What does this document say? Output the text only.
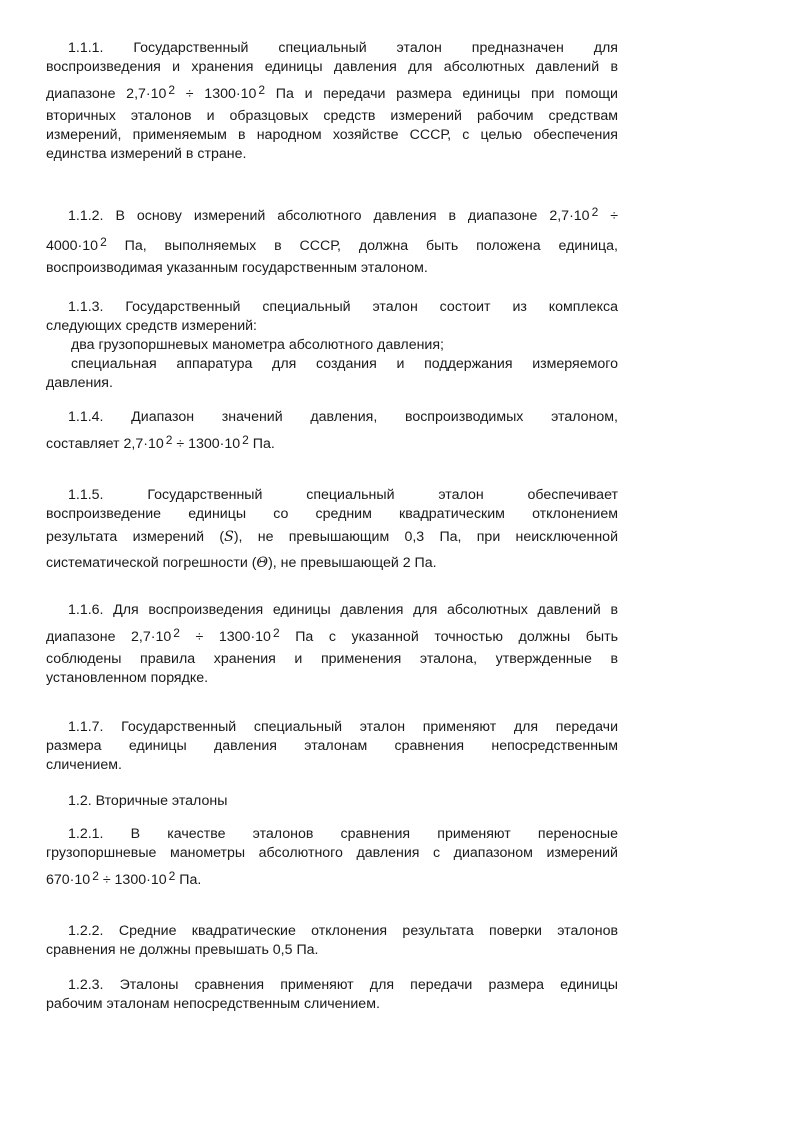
1.1.1. Государственный специальный эталон предназначен для

воспроизведения и хранения единицы давления для абсолютных давлений в

диапазоне 2,7·10 $^2$ ÷ 1300·10 $^2$ Па и передачи размера единицы при помощи

вторичных эталонов и образцовых средств измерений рабочим средствам

измерений, применяемым в народном хозяйстве СССР, с целью обеспечения

единства измерений в стране.

1.1.2. В основу измерений абсолютного давления в диапазоне 2,7·10 $^2$ ÷

4000·10 $^2$ Па, выполняемых в СССР, должна быть положена единица,

воспроизводимая указанным государственным эталоном.

1.1.3. Государственный специальный эталон состоит из комплекса

следующих средств измерений:

два грузопоршневых манометра абсолютного давления;

специальная аппаратура для создания и поддержания измеряемого

давления.

1.1.4. Диапазон значений давления, воспроизводимых эталоном,

составляет 2,7·10 $^2$ ÷ 1300·10 $^2$ Па.

1.1.5. Государственный специальный эталон обеспечивает

воспроизведение единицы со средним квадратическим отклонением

результата измерений (S), не превышающим 0,3 Па, при неисключенной

систематической погрешности (Θ), не превышающей 2 Па.

1.1.6. Для воспроизведения единицы давления для абсолютных давлений в

диапазоне 2,7·10 $^2$ ÷ 1300·10 $^2$ Па с указанной точностью должны быть

соблюдены правила хранения и применения эталона, утвержденные в

установленном порядке.

1.1.7. Государственный специальный эталон применяют для передачи

размера единицы давления эталонам сравнения непосредственным

сличением.

1.2. Вторичные эталоны

1.2.1. В качестве эталонов сравнения применяют переносные

грузопоршневые манометры абсолютного давления с диапазоном измерений

670·10 $^2$ ÷ 1300·10 $^2$ Па.

1.2.2. Средние квадратические отклонения результата поверки эталонов

сравнения не должны превышать 0,5 Па.

1.2.3. Эталоны сравнения применяют для передачи размера единицы

рабочим эталонам непосредственным сличением.
